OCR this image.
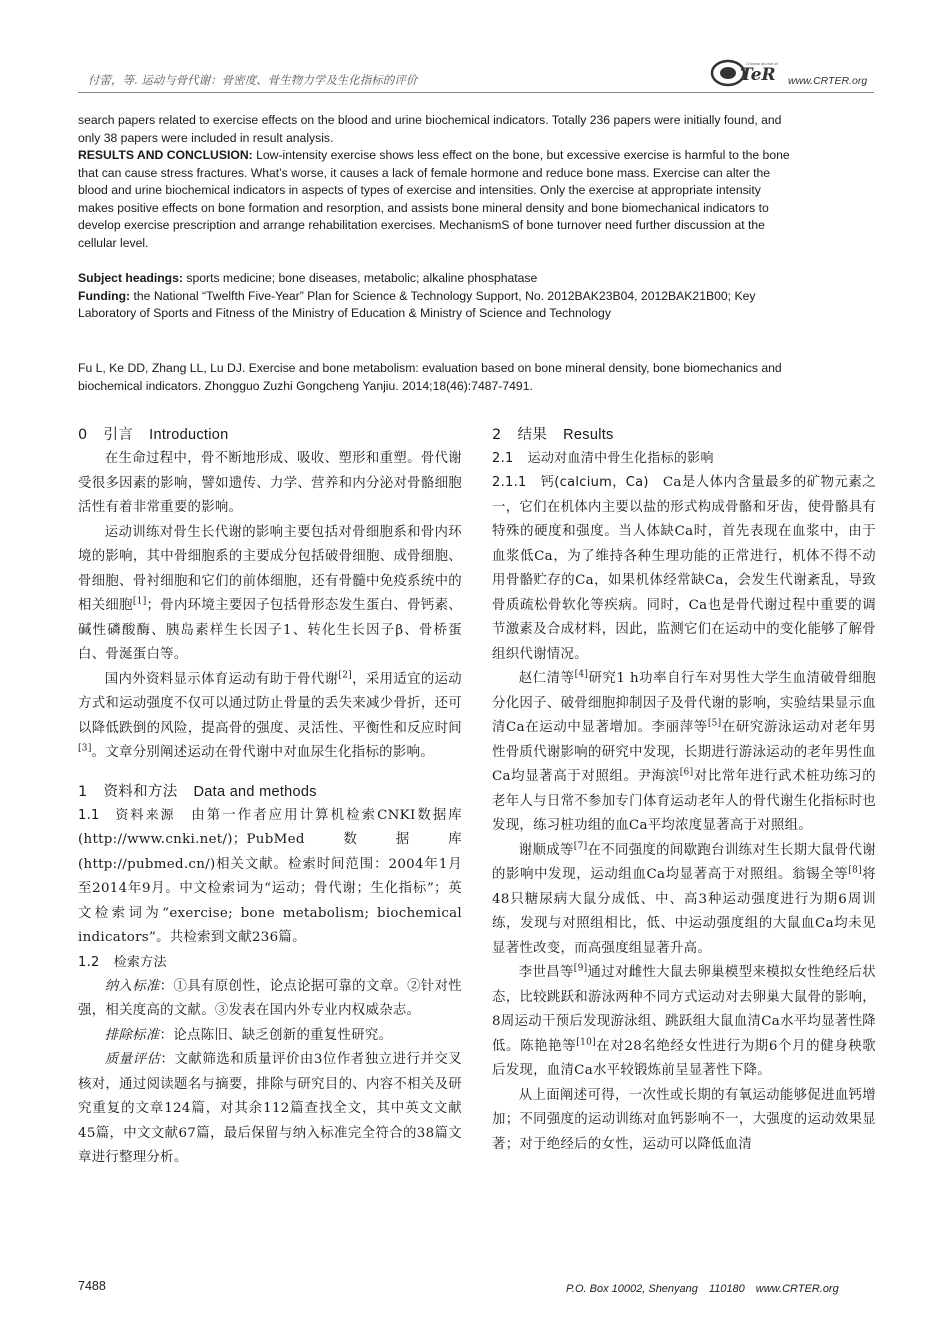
付蕾，等. 运动与骨代谢：骨密度、骨生物力学及生化指标的评价	TeR
Chinese Journal of
www.CRTER.org

search papers related to exercise effects on the blood and urine biochemical indicators. Totally 236 papers were initially found, and only 38 papers were included in result analysis.

RESULTS AND CONCLUSION: Low-intensity exercise shows less effect on the bone, but excessive exercise is harmful to the bone that can cause stress fractures. What’s worse, it causes a lack of female hormone and reduce bone mass. Exercise can alter the blood and urine biochemical indicators in aspects of types of exercise and intensities. Only the exercise at appropriate intensity makes positive effects on bone formation and resorption, and assists bone mineral density and bone biomechanical indicators to develop exercise prescription and arrange rehabilitation exercises. MechanismS of bone turnover need further discussion at the cellular level.

Subject headings: sports medicine; bone diseases, metabolic; alkaline phosphatase

Funding: the National “Twelfth Five-Year” Plan for Science & Technology Support, No. 2012BAK23B04, 2012BAK21B00; Key Laboratory of Sports and Fitness of the Ministry of Education & Ministry of Science and Technology

Fu L, Ke DD, Zhang LL, Lu DJ. Exercise and bone metabolism: evaluation based on bone mineral density, bone biomechanics and biochemical indicators. Zhongguo Zuzhi Gongcheng Yanjiu. 2014;18(46):7487-7491.

0 引言 Introduction

在生命过程中，骨不断地形成、吸收、塑形和重塑。骨代谢受很多因素的影响，譬如遗传、力学、营养和内分泌对骨骼细胞活性有着非常重要的影响。

运动训练对骨生长代谢的影响主要包括对骨细胞系和骨内环境的影响，其中骨细胞系的主要成分包括破骨细胞、成骨细胞、骨细胞、骨衬细胞和它们的前体细胞，还有骨髓中免疫系统中的相关细胞[1]；骨内环境主要因子包括骨形态发生蛋白、骨钙素、碱性磷酸酶、胰岛素样生长因子1、转化生长因子β、骨桥蛋白、骨涎蛋白等。

国内外资料显示体育运动有助于骨代谢[2]，采用适宜的运动方式和运动强度不仅可以通过防止骨量的丢失来减少骨折，还可以降低跌倒的风险，提高骨的强度、灵活性、平衡性和反应时间[3]。文章分别阐述运动在骨代谢中对血尿生化指标的影响。

1 资料和方法 Data and methods

1.1 资料来源　由第一作者应用计算机检索CNKI数据库(http://www.cnki.net/)；PubMed数据库(http://pubmed.cn/)相关文献。检索时间范围：2004年1月至2014年9月。中文检索词为“运动；骨代谢；生化指标”；英文检索词为“exercise; bone metabolism; biochemical indicators”。共检索到文献236篇。

1.2 检索方法

纳入标准：①具有原创性，论点论据可靠的文章。②针对性强，相关度高的文献。③发表在国内外专业内权威杂志。

排除标准：论点陈旧、缺乏创新的重复性研究。

质量评估：文献筛选和质量评价由3位作者独立进行并交叉核对，通过阅读题名与摘要，排除与研究目的、内容不相关及研究重复的文章124篇，对其余112篇查找全文，其中英文文献45篇，中文文献67篇，最后保留与纳入标准完全符合的38篇文章进行整理分析。

2 结果 Results

2.1 运动对血清中骨生化指标的影响

2.1.1 钙(calcium，Ca)　Ca是人体内含量最多的矿物元素之一，它们在机体内主要以盐的形式构成骨骼和牙齿，使骨骼具有特殊的硬度和强度。当人体缺Ca时，首先表现在血浆中，由于血浆低Ca，为了维持各种生理功能的正常进行，机体不得不动用骨骼贮存的Ca，如果机体经常缺Ca，会发生代谢紊乱，导致骨质疏松骨软化等疾病。同时，Ca也是骨代谢过程中重要的调节激素及合成材料，因此，监测它们在运动中的变化能够了解骨组织代谢情况。

赵仁清等[4]研究1 h功率自行车对男性大学生血清破骨细胞分化因子、破骨细胞抑制因子及骨代谢的影响，实验结果显示血清Ca在运动中显著增加。李丽萍等[5]在研究游泳运动对老年男性骨质代谢影响的研究中发现，长期进行游泳运动的老年男性血Ca均显著高于对照组。尹海滨[6]对比常年进行武术桩功练习的老年人与日常不参加专门体育运动老年人的骨代谢生化指标时也发现，练习桩功组的血Ca平均浓度显著高于对照组。

谢顺成等[7]在不同强度的间歇跑台训练对生长期大鼠骨代谢的影响中发现，运动组血Ca均显著高于对照组。翁锡全等[8]将48只糖尿病大鼠分成低、中、高3种运动强度进行为期6周训练，发现与对照组相比，低、中运动强度组的大鼠血Ca均未见显著性改变，而高强度组显著升高。

李世昌等[9]通过对雌性大鼠去卵巢模型来模拟女性绝经后状态，比较跳跃和游泳两种不同方式运动对去卵巢大鼠骨的影响，8周运动干预后发现游泳组、跳跃组大鼠血清Ca水平均显著性降低。陈艳艳等[10]在对28名绝经女性进行为期6个月的健身秧歌后发现，血清Ca水平较锻炼前呈显著性下降。

从上面阐述可得，一次性或长期的有氧运动能够促进血钙增加；不同强度的运动训练对血钙影响不一，大强度的运动效果显著；对于绝经后的女性，运动可以降低血清

7488	P.O. Box 10002, Shenyang　110180　www.CRTER.org
